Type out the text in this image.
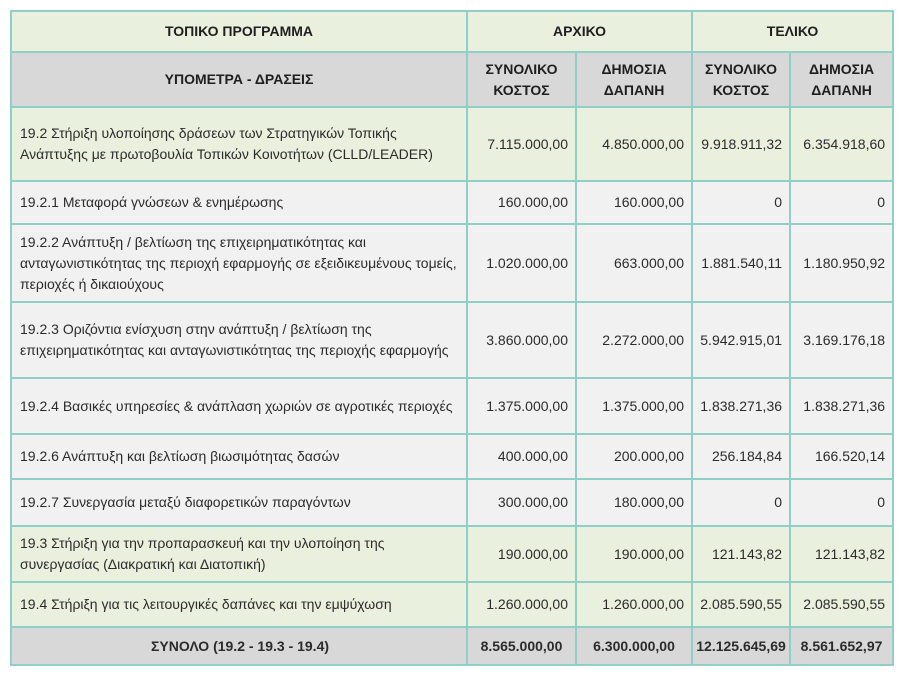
ΤΟΠΙΚΟ ΠΡΟΓΡΑΜΜΑ	ΑΡΧΙΚΟ		ΤΕΛΙΚΟ	
ΥΠΟΜΕΤΡΑ - ΔΡΑΣΕΙΣ	ΣΥΝΟΛΙΚΟ ΚΟΣΤΟΣ	ΔΗΜΟΣΙΑ ΔΑΠΑΝΗ	ΣΥΝΟΛΙΚΟ ΚΟΣΤΟΣ	ΔΗΜΟΣΙΑ ΔΑΠΑΝΗ
19.2 Στήριξη υλοποίησης δράσεων των Στρατηγικών Τοπικής Ανάπτυξης με πρωτοβουλία Τοπικών Κοινοτήτων (CLLD/LEADER)	7.115.000,00	4.850.000,00	9.918.911,32	6.354.918,60
19.2.1 Μεταφορά γνώσεων & ενημέρωσης	160.000,00	160.000,00	0	0
19.2.2 Ανάπτυξη / βελτίωση της επιχειρηματικότητας και ανταγωνιστικότητας της περιοχή εφαρμογής σε εξειδικευμένους τομείς, περιοχές ή δικαιούχους	1.020.000,00	663.000,00	1.881.540,11	1.180.950,92
19.2.3 Οριζόντια ενίσχυση στην ανάπτυξη / βελτίωση της επιχειρηματικότητας και ανταγωνιστικότητας της περιοχής εφαρμογής	3.860.000,00	2.272.000,00	5.942.915,01	3.169.176,18
19.2.4 Βασικές υπηρεσίες & ανάπλαση χωριών σε αγροτικές περιοχές	1.375.000,00	1.375.000,00	1.838.271,36	1.838.271,36
19.2.6 Ανάπτυξη και βελτίωση βιωσιμότητας δασών	400.000,00	200.000,00	256.184,84	166.520,14
19.2.7 Συνεργασία μεταξύ διαφορετικών παραγόντων	300.000,00	180.000,00	0	0
19.3 Στήριξη για την προπαρασκευή και την υλοποίηση της συνεργασίας (Διακρατική και Διατοπική)	190.000,00	190.000,00	121.143,82	121.143,82
19.4 Στήριξη για τις λειτουργικές δαπάνες και την εμψύχωση	1.260.000,00	1.260.000,00	2.085.590,55	2.085.590,55
ΣΥΝΟΛΟ (19.2 - 19.3 - 19.4)	8.565.000,00	6.300.000,00	12.125.645,69	8.561.652,97
